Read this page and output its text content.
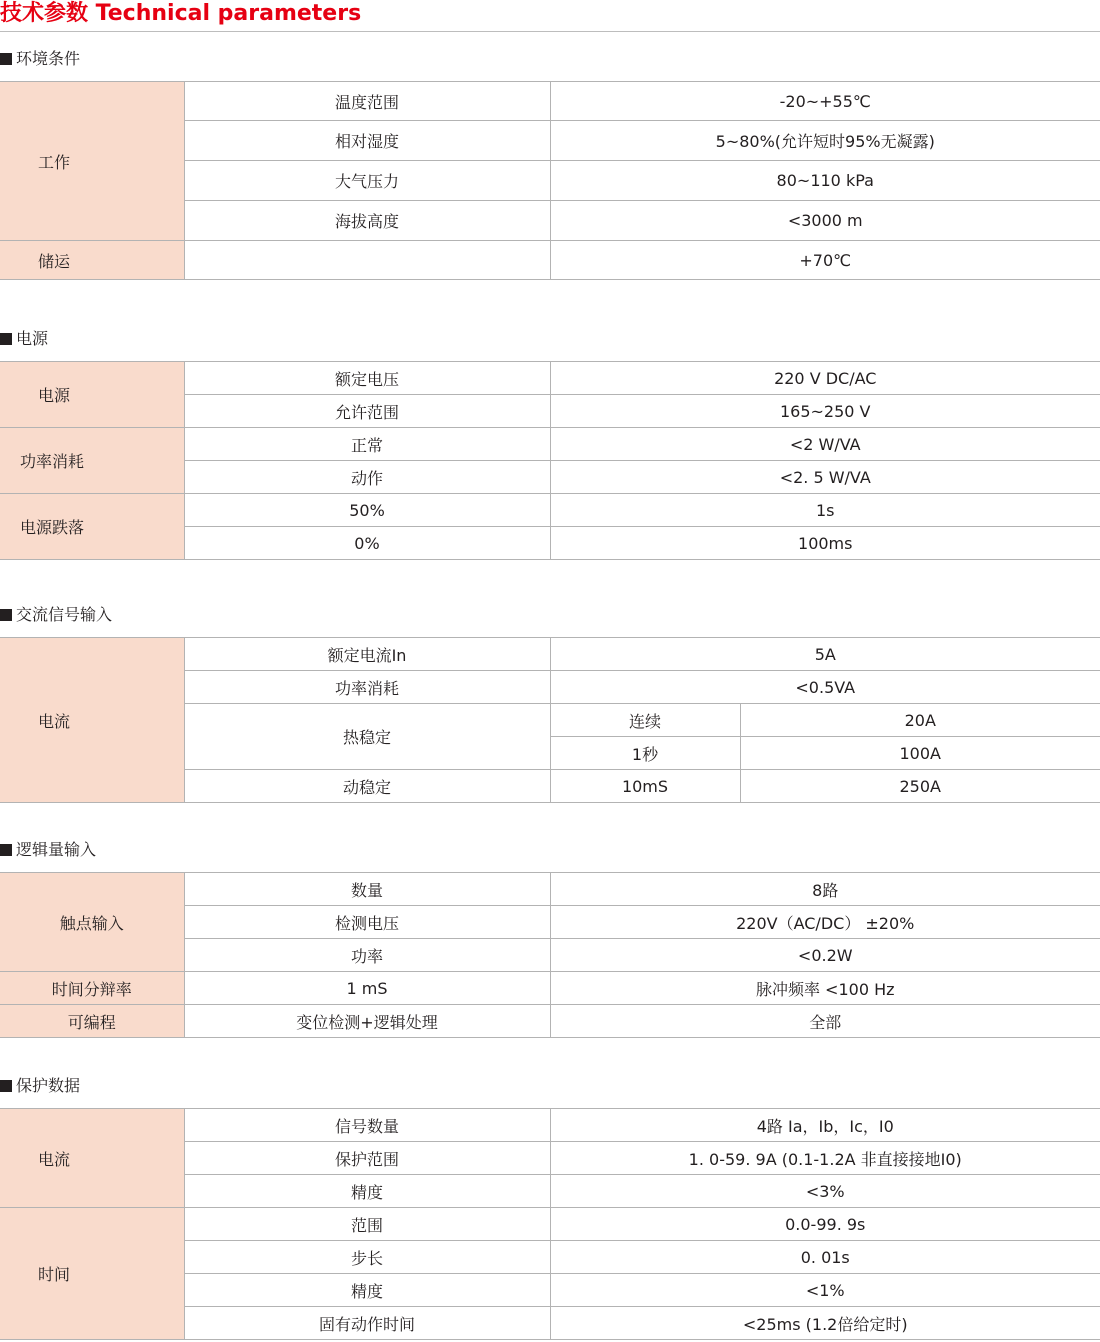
技术参数 Technical parameters
环境条件
工作	温度范围	-20~+55℃
	相对湿度	5~80%(允许短时95%无凝露)
	大气压力	80~110 kPa
	海拔高度	<3000 m
储运		+70℃
电源
电源	额定电压	220 V DC/AC
	允许范围	165~250 V
功率消耗	正常	<2 W/VA
	动作	<2. 5 W/VA
电源跌落	50%	1s
	0%	100ms
交流信号输入
电流	额定电流In	5A	
	功率消耗	<0.5VA	
	热稳定	连续	20A
		1秒	100A
	动稳定	10mS	250A
逻辑量输入
触点输入	数量	8路
	检测电压	220V（AC/DC） ±20%
	功率	<0.2W
时间分辩率	1 mS	脉冲频率 <100 Hz
可编程	变位检测+逻辑处理	全部
保护数据
电流	信号数量	4路 Ia，Ib，Ic，I0
	保护范围	1. 0-59. 9A (0.1-1.2A 非直接接地I0)
	精度	<3%
时间	范围	0.0-99. 9s
	步长	0. 01s
	精度	<1%
	固有动作时间	<25ms (1.2倍给定时)
